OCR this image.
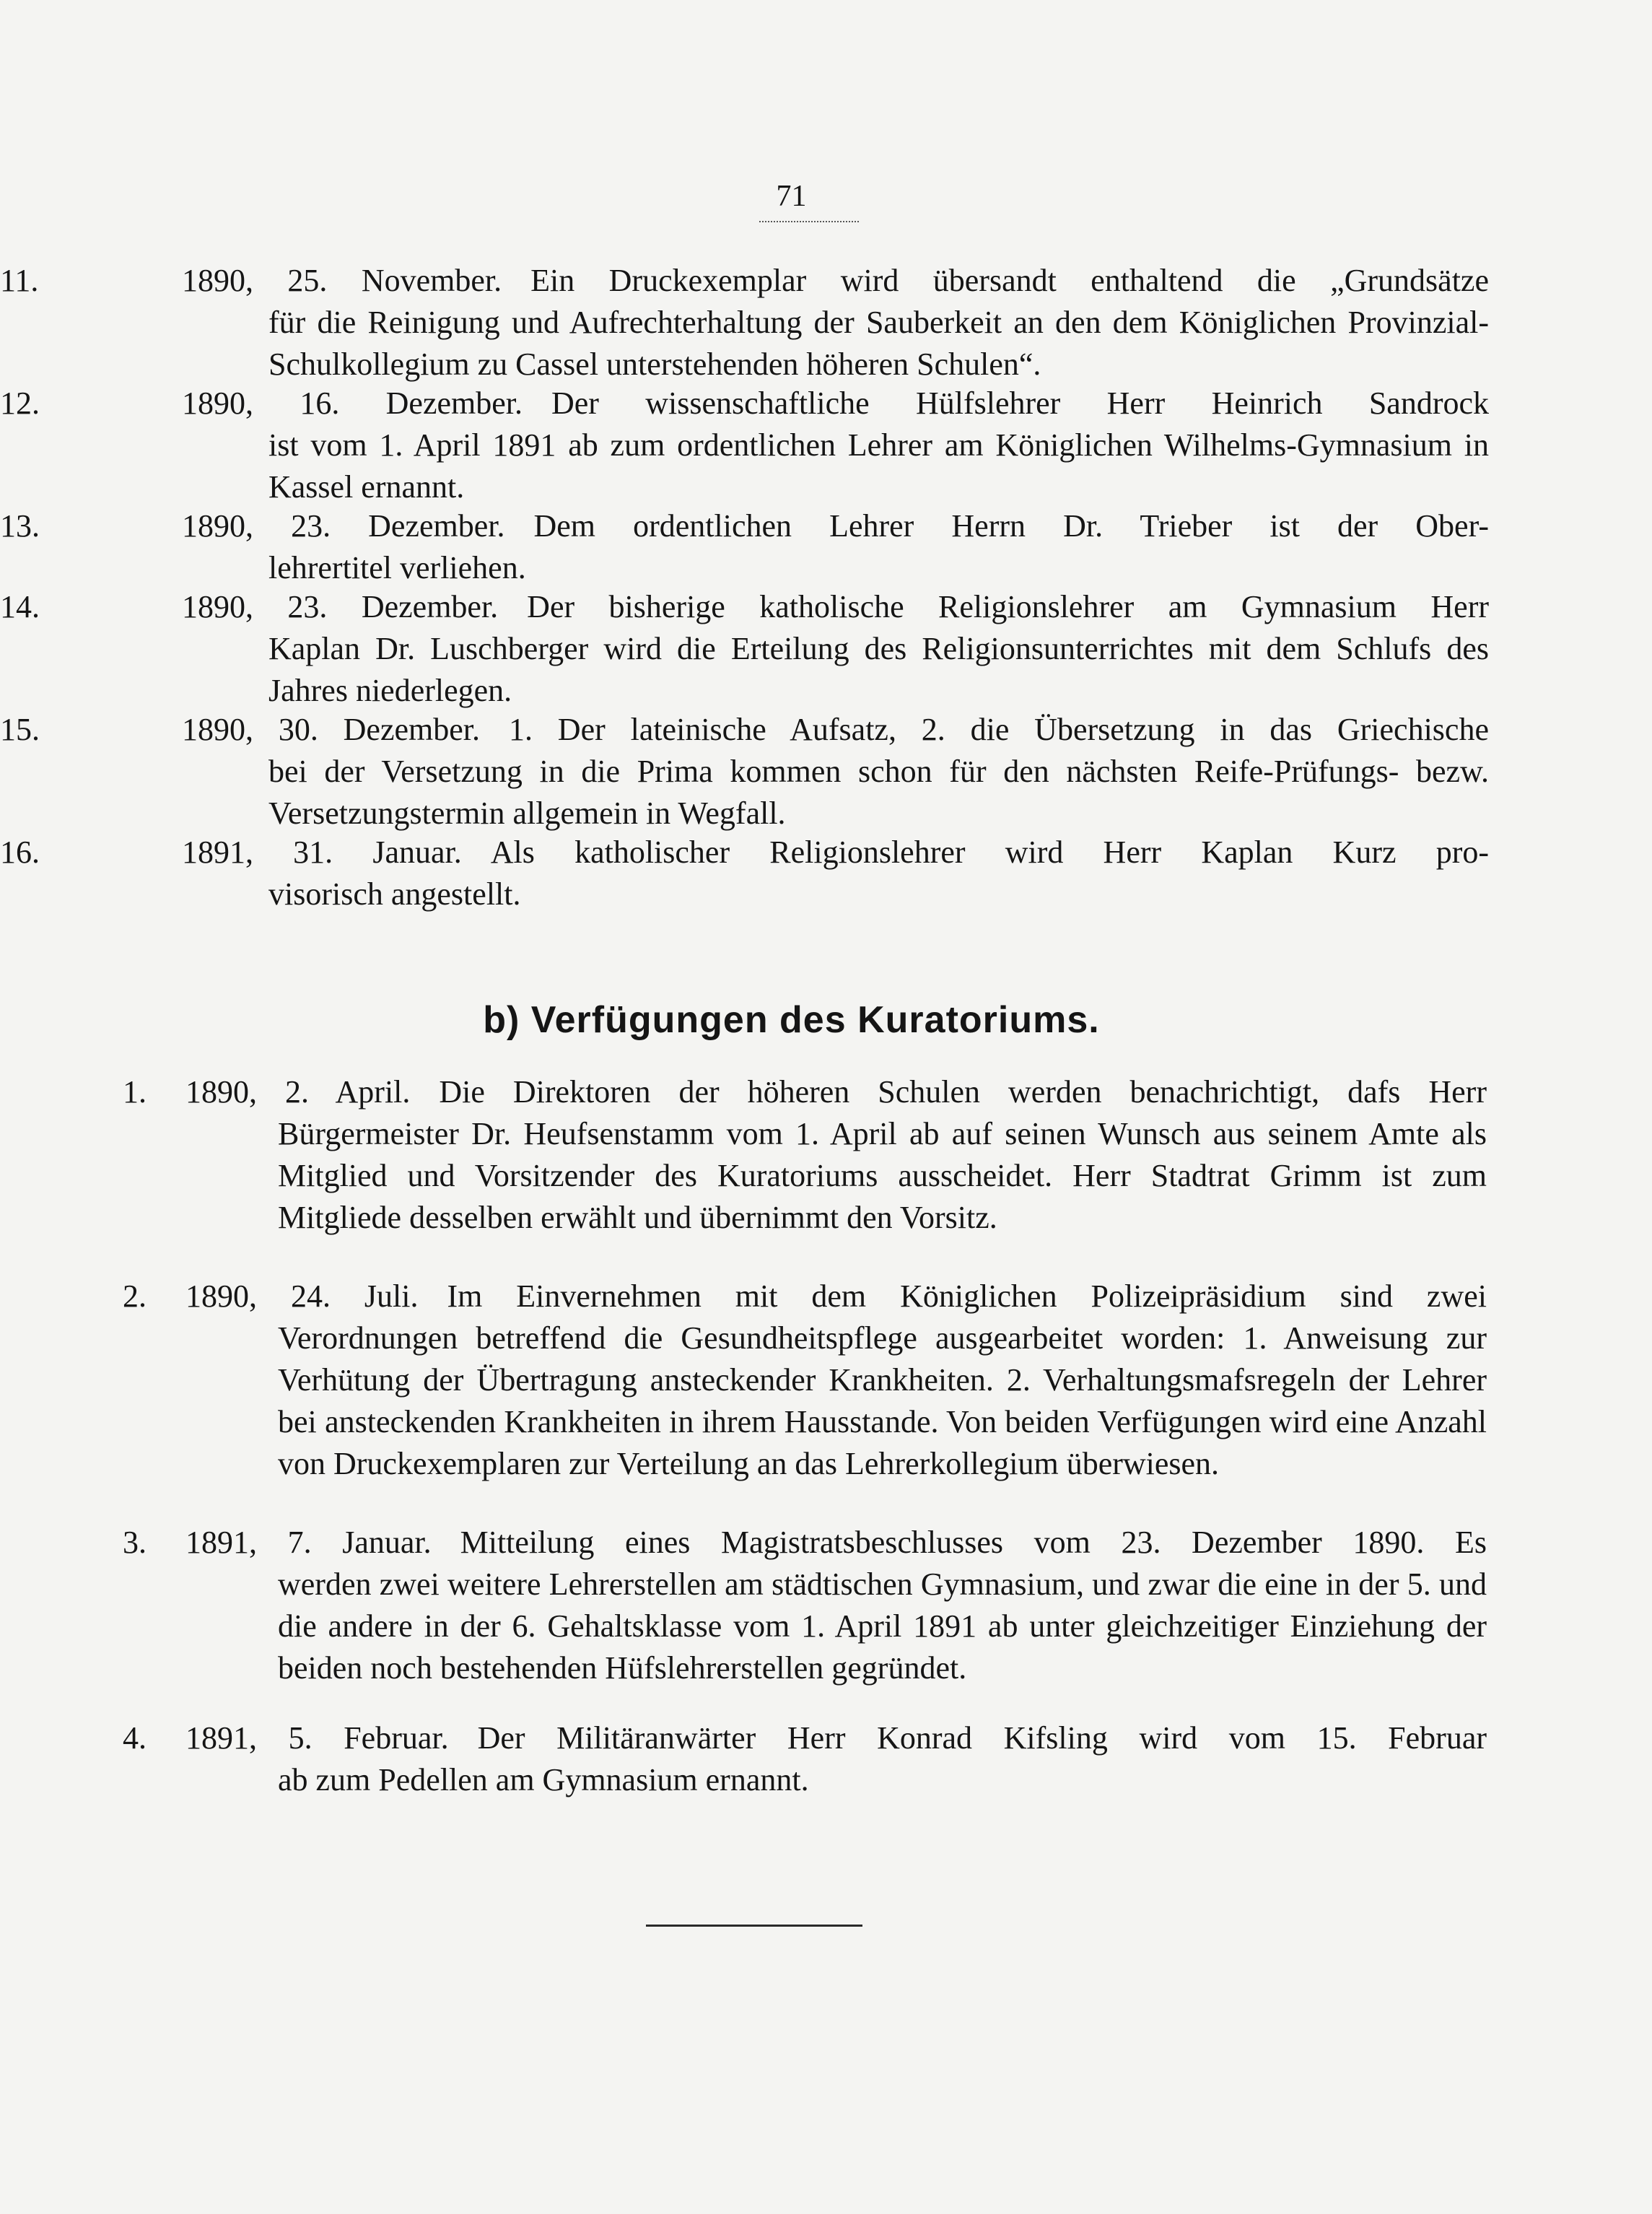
71
11.	1890, 25. November. Ein Druckexemplar wird übersandt enthaltend die „Grundsätze
für die Reinigung und Aufrechterhaltung der Sauberkeit an den dem Königlichen Provinzial-Schulkollegium zu Cassel unterstehenden höheren Schulen“.
12.	1890, 16. Dezember. Der wissenschaftliche Hülfslehrer Herr Heinrich Sandrock
ist vom 1. April 1891 ab zum ordentlichen Lehrer am Königlichen Wilhelms-Gymnasium in Kassel ernannt.
13.	1890, 23. Dezember. Dem ordentlichen Lehrer Herrn Dr. Trieber ist der Ober-
lehrertitel verliehen.
14.	1890, 23. Dezember. Der bisherige katholische Religionslehrer am Gymnasium Herr
Kaplan Dr. Luschberger wird die Erteilung des Religionsunterrichtes mit dem Schlufs des Jahres niederlegen.
15.	1890, 30. Dezember. 1. Der lateinische Aufsatz, 2. die Übersetzung in das Griechische
bei der Versetzung in die Prima kommen schon für den nächsten Reife-Prüfungs- bezw. Versetzungstermin allgemein in Wegfall.
16.	1891, 31. Januar. Als katholischer Religionslehrer wird Herr Kaplan Kurz pro-
visorisch angestellt.
b) Verfügungen des Kuratoriums.
1.	1890, 2. April. Die Direktoren der höheren Schulen werden benachrichtigt, dafs Herr
Bürgermeister Dr. Heufsenstamm vom 1. April ab auf seinen Wunsch aus seinem Amte als Mitglied und Vorsitzender des Kuratoriums ausscheidet. Herr Stadtrat Grimm ist zum Mitgliede desselben erwählt und übernimmt den Vorsitz.
2.	1890, 24. Juli. Im Einvernehmen mit dem Königlichen Polizeipräsidium sind zwei
Verordnungen betreffend die Gesundheitspflege ausgearbeitet worden: 1. Anweisung zur Verhütung der Übertragung ansteckender Krankheiten. 2. Verhaltungsmafsregeln der Lehrer bei ansteckenden Krankheiten in ihrem Hausstande. Von beiden Verfügungen wird eine Anzahl von Druckexemplaren zur Verteilung an das Lehrerkollegium überwiesen.
3.	1891, 7. Januar. Mitteilung eines Magistratsbeschlusses vom 23. Dezember 1890. Es
werden zwei weitere Lehrerstellen am städtischen Gymnasium, und zwar die eine in der 5. und die andere in der 6. Gehaltsklasse vom 1. April 1891 ab unter gleichzeitiger Einziehung der beiden noch bestehenden Hüfslehrerstellen gegründet.
4.	1891, 5. Februar. Der Militäranwärter Herr Konrad Kifsling wird vom 15. Februar
ab zum Pedellen am Gymnasium ernannt.
